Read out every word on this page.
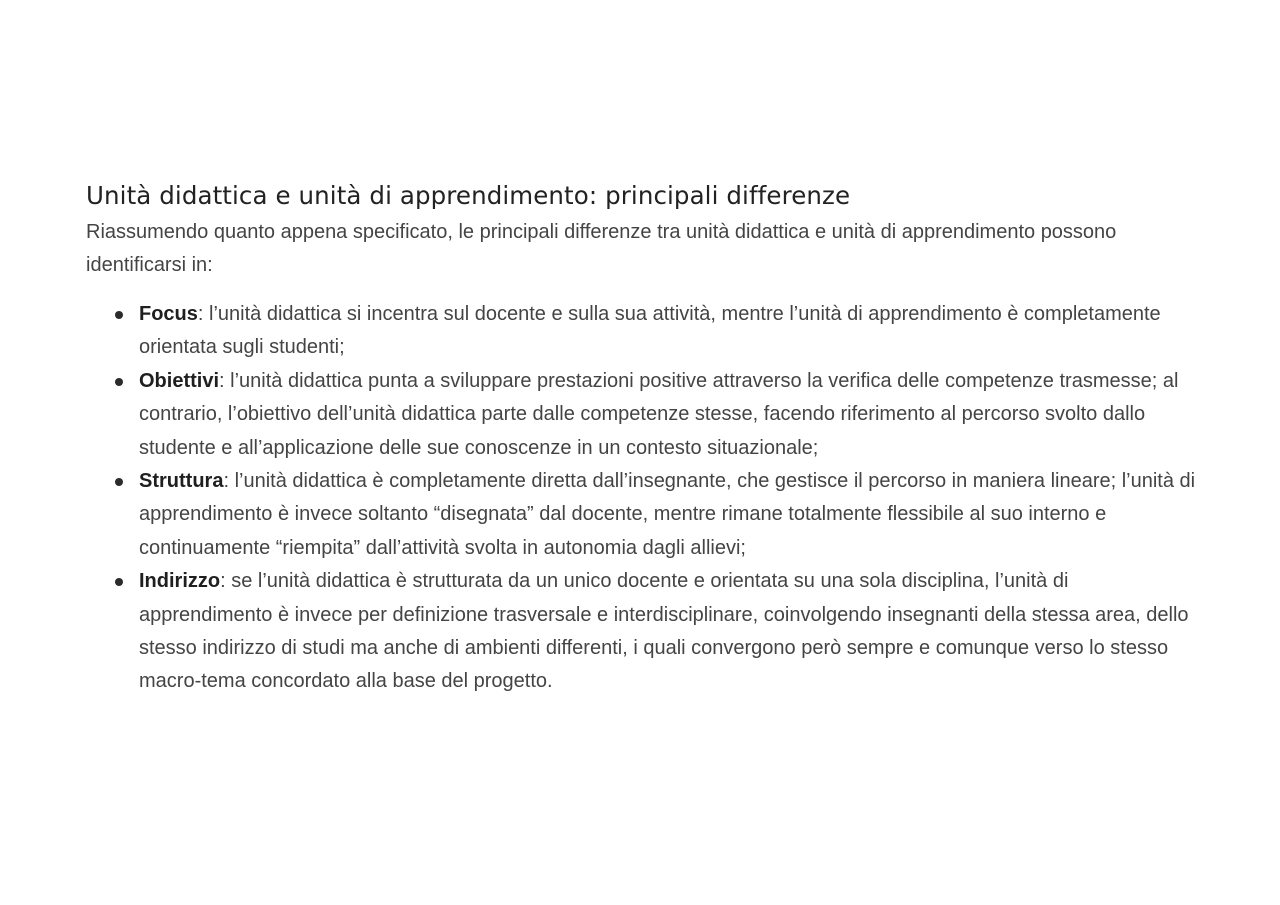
Unità didattica e unità di apprendimento: principali differenze

Riassumendo quanto appena specificato, le principali differenze tra unità didattica e unità di apprendimento possono identificarsi in:

Focus: l’unità didattica si incentra sul docente e sulla sua attività, mentre l’unità di apprendimento è completamente orientata sugli studenti;
Obiettivi: l’unità didattica punta a sviluppare prestazioni positive attraverso la verifica delle competenze trasmesse; al contrario, l’obiettivo dell’unità didattica parte dalle competenze stesse, facendo riferimento al percorso svolto dallo studente e all’applicazione delle sue conoscenze in un contesto situazionale;
Struttura: l’unità didattica è completamente diretta dall’insegnante, che gestisce il percorso in maniera lineare; l’unità di apprendimento è invece soltanto “disegnata” dal docente, mentre rimane totalmente flessibile al suo interno e continuamente “riempita” dall’attività svolta in autonomia dagli allievi;
Indirizzo: se l’unità didattica è strutturata da un unico docente e orientata su una sola disciplina, l’unità di apprendimento è invece per definizione trasversale e interdisciplinare, coinvolgendo insegnanti della stessa area, dello stesso indirizzo di studi ma anche di ambienti differenti, i quali convergono però sempre e comunque verso lo stesso macro-tema concordato alla base del progetto.
